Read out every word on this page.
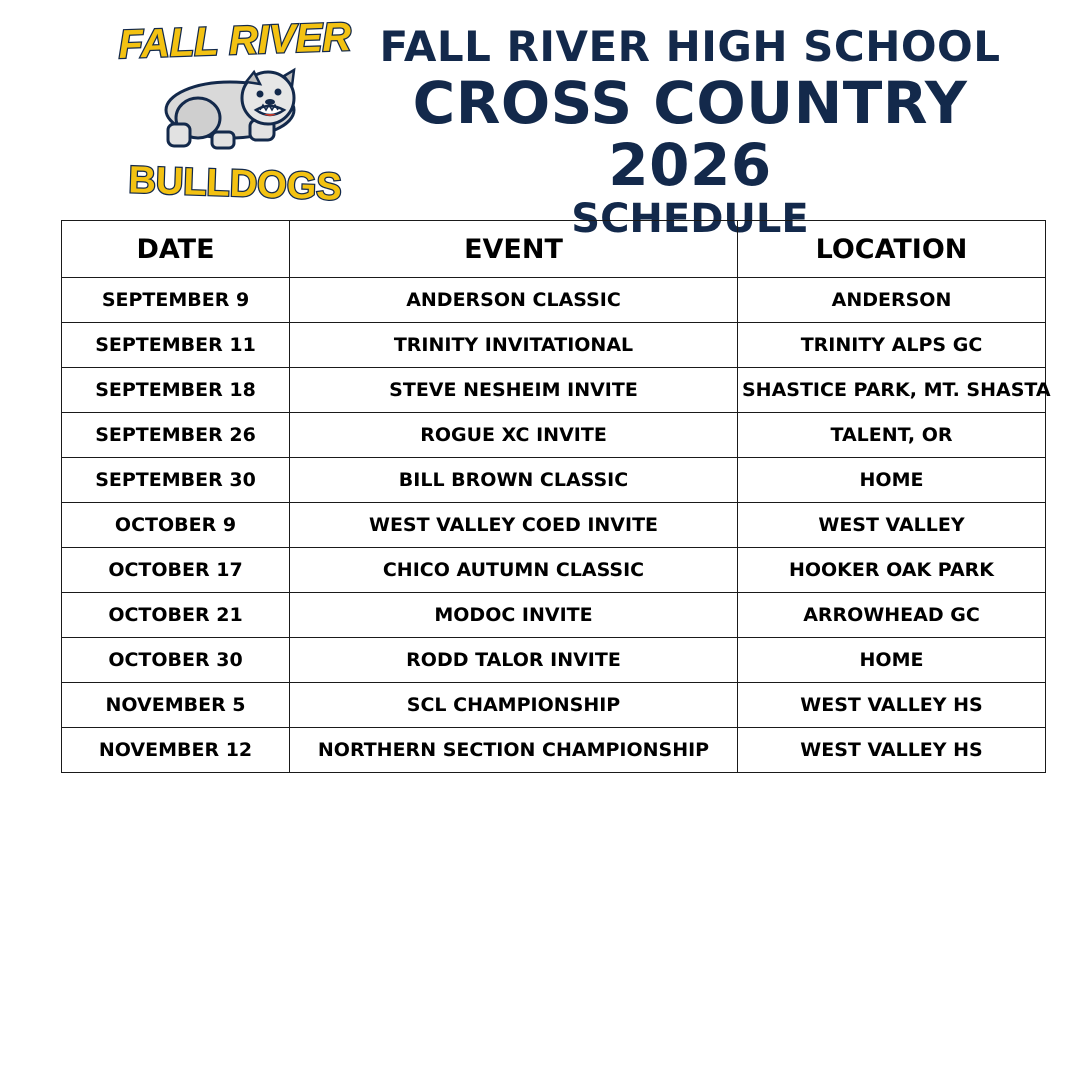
FALL RIVER
BULLDOGS
FALL RIVER HIGH SCHOOL
CROSS COUNTRY 2026
SCHEDULE
DATE	EVENT	LOCATION
SEPTEMBER 9	ANDERSON CLASSIC	ANDERSON
SEPTEMBER 11	TRINITY INVITATIONAL	TRINITY ALPS GC
SEPTEMBER 18	STEVE NESHEIM INVITE	SHASTICE PARK, MT. SHASTA
SEPTEMBER 26	ROGUE XC INVITE	TALENT, OR
SEPTEMBER 30	BILL BROWN CLASSIC	HOME
OCTOBER 9	WEST VALLEY COED INVITE	WEST VALLEY
OCTOBER 17	CHICO AUTUMN CLASSIC	HOOKER OAK PARK
OCTOBER 21	MODOC INVITE	ARROWHEAD GC
OCTOBER 30	RODD TALOR INVITE	HOME
NOVEMBER 5	SCL CHAMPIONSHIP	WEST VALLEY HS
NOVEMBER 12	NORTHERN SECTION CHAMPIONSHIP	WEST VALLEY HS
